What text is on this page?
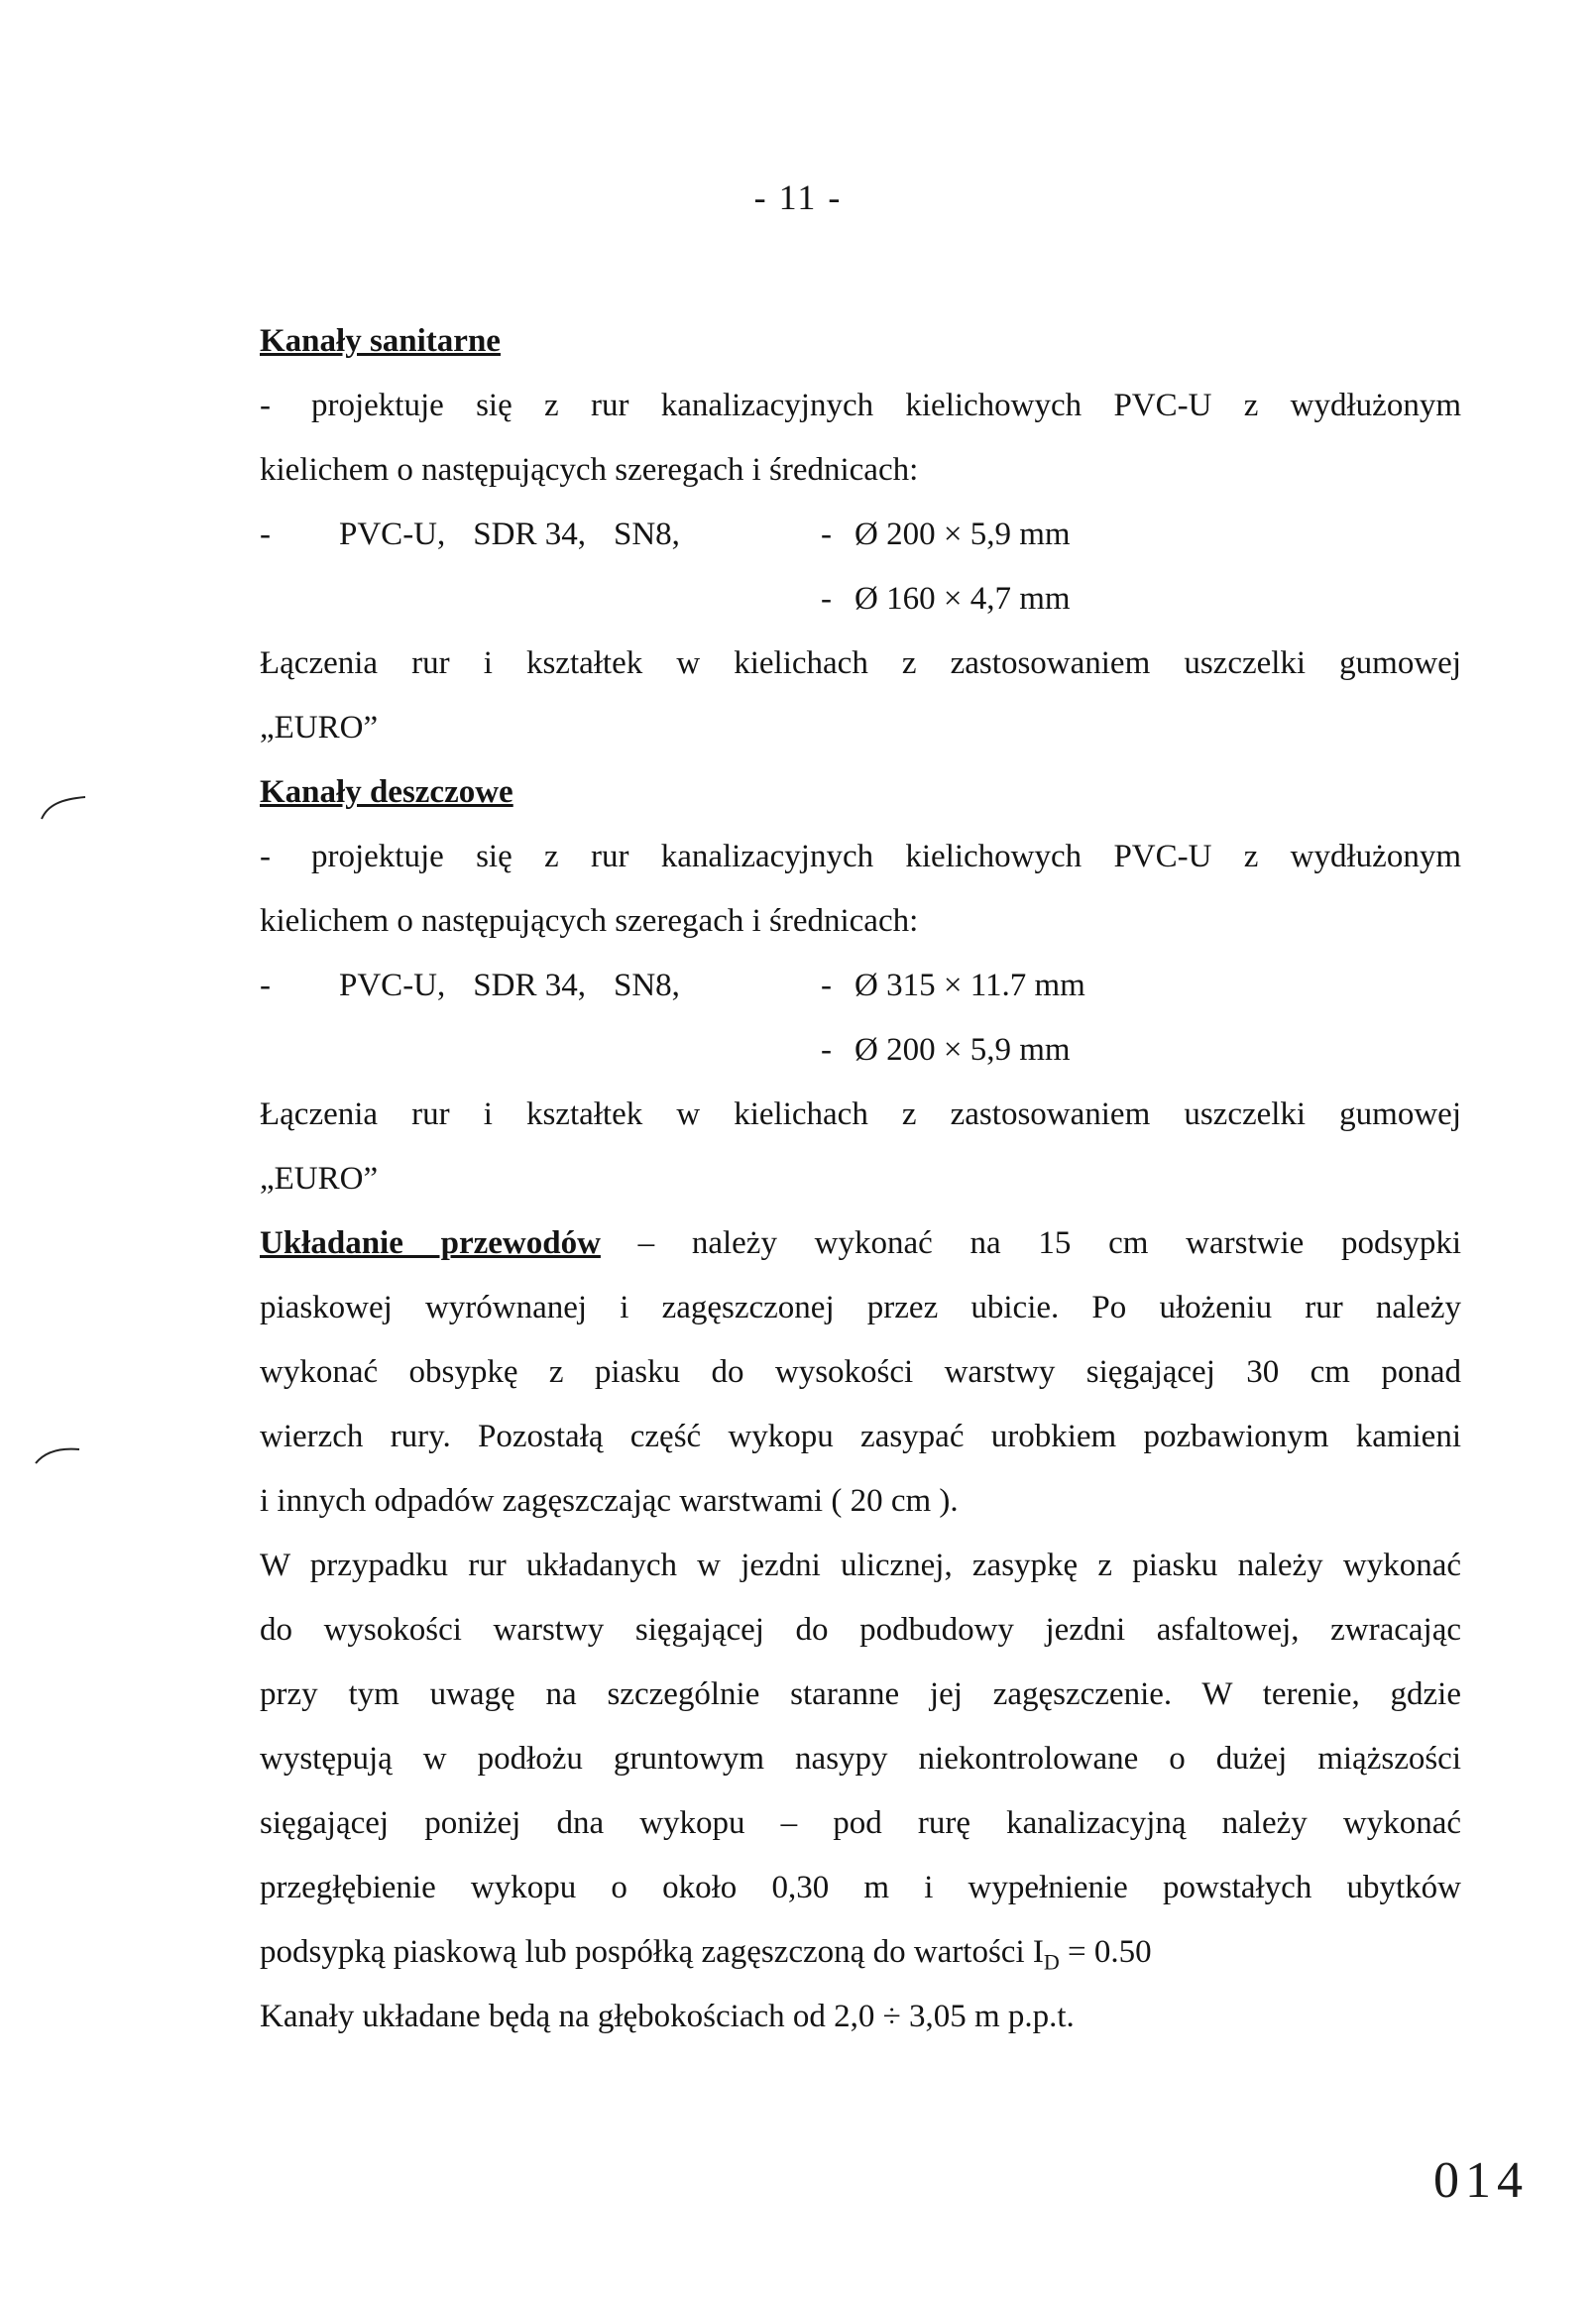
- 11 -
Kanały sanitarne
- projektuje się z rur kanalizacyjnych kielichowych PVC-U z wydłużonym
kielichem o następujących szeregach i średnicach:
-	PVC-U, SDR 34, SN8,	- Ø 200 × 5,9 mm
- Ø 160 × 4,7 mm
Łączenia rur i kształtek w kielichach z zastosowaniem uszczelki gumowej
„EURO”
Kanały deszczowe
- projektuje się z rur kanalizacyjnych kielichowych PVC-U z wydłużonym
kielichem o następujących szeregach i średnicach:
-	PVC-U, SDR 34, SN8,	- Ø 315 × 11.7 mm
- Ø 200 × 5,9 mm
Łączenia rur i kształtek w kielichach z zastosowaniem uszczelki gumowej
„EURO”
Układanie przewodów – należy wykonać na 15 cm warstwie podsypki
piaskowej wyrównanej i zagęszczonej przez ubicie. Po ułożeniu rur należy
wykonać obsypkę z piasku do wysokości warstwy sięgającej 30 cm ponad
wierzch rury. Pozostałą część wykopu zasypać urobkiem pozbawionym kamieni
i innych odpadów zagęszczając warstwami ( 20 cm ).
W przypadku rur układanych w jezdni ulicznej, zasypkę z piasku należy wykonać
do wysokości warstwy sięgającej do podbudowy jezdni asfaltowej, zwracając
przy tym uwagę na szczególnie staranne jej zagęszczenie. W terenie, gdzie
występują w podłożu gruntowym nasypy niekontrolowane o dużej miąższości
sięgającej poniżej dna wykopu – pod rurę kanalizacyjną należy wykonać
przegłębienie wykopu o około 0,30 m i wypełnienie powstałych ubytków
podsypką piaskową lub pospółką zagęszczoną do wartości $I_D = 0.50$
Kanały układane będą na głębokościach od 2,0 ÷ 3,05 m p.p.t.
014
